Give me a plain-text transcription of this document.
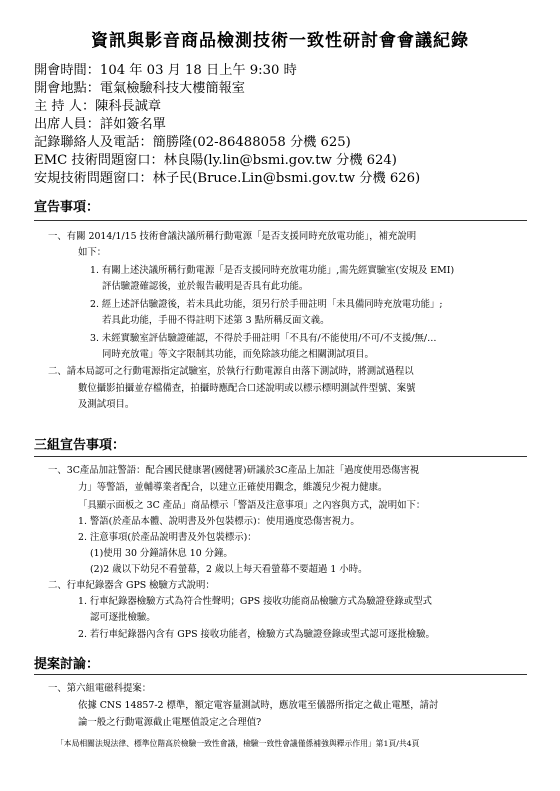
資訊與影音商品檢測技術一致性研討會會議紀錄
開會時間：104 年 03 月 18 日上午 9:30 時
開會地點：電氣檢驗科技大樓簡報室
主 持 人：陳科長誠章
出席人員：詳如簽名單
記錄聯絡人及電話：簡勝隆(02-86488058 分機 625)
EMC 技術問題窗口：林良陽(ly.lin@bsmi.gov.tw 分機 624)
安規技術問題窗口：林子民(Bruce.Lin@bsmi.gov.tw 分機 626)
宣告事項：
一、有關 2014/1/15 技術會議決議所稱行動電源「是否支援同時充放電功能」，補充說明
如下：
1. 有關上述決議所稱行動電源「是否支援同時充放電功能」,需先經實驗室(安規及 EMI)
評估驗證確認後，並於報告載明是否具有此功能。
2. 經上述評估驗證後，若未具此功能，須另行於手冊註明「未具備同時充放電功能」;
若具此功能，手冊不得註明下述第 3 點所稱反面文義。
3. 未經實驗室評估驗證確認，不得於手冊註明「不具有/不能使用/不可/不支援/無/…
同時充放電」等文字限制其功能，而免除該功能之相關測試項目。
二、請本局認可之行動電源指定試驗室，於執行行動電源自由落下測試時，將測試過程以
數位攝影拍攝並存檔備查，拍攝時應配合口述說明或以標示標明測試件型號、案號
及測試項目。
三組宣告事項：
一、3C產品加註警語：配合國民健康署(國健署)研議於3C產品上加註「過度使用恐傷害視
力」等警語，並輔導業者配合，以建立正確使用觀念，維護兒少視力健康。
「具顯示面板之 3C 產品」商品標示「警語及注意事項」之內容與方式，說明如下：
1. 警語(於產品本體、說明書及外包裝標示)：使用過度恐傷害視力。
2. 注意事項(於產品說明書及外包裝標示)：
(1)使用 30 分鐘請休息 10 分鐘。
(2)2 歲以下幼兒不看螢幕，2 歲以上每天看螢幕不要超過 1 小時。
二、行車紀錄器含 GPS 檢驗方式說明：
1. 行車紀錄器檢驗方式為符合性聲明；GPS 接收功能商品檢驗方式為驗證登錄或型式
認可逐批檢驗。
2. 若行車紀錄器內含有 GPS 接收功能者，檢驗方式為驗證登錄或型式認可逐批檢驗。
提案討論：
一、第六組電磁科提案：
依據 CNS 14857-2 標準，額定電容量測試時，應放電至儀器所指定之截止電壓，請討
論一般之行動電源截止電壓值設定之合理值?
「本局相關法規法律、標準位階高於檢驗一致性會議，檢驗一致性會議僅係補強與釋示作用」第1頁/共4頁
